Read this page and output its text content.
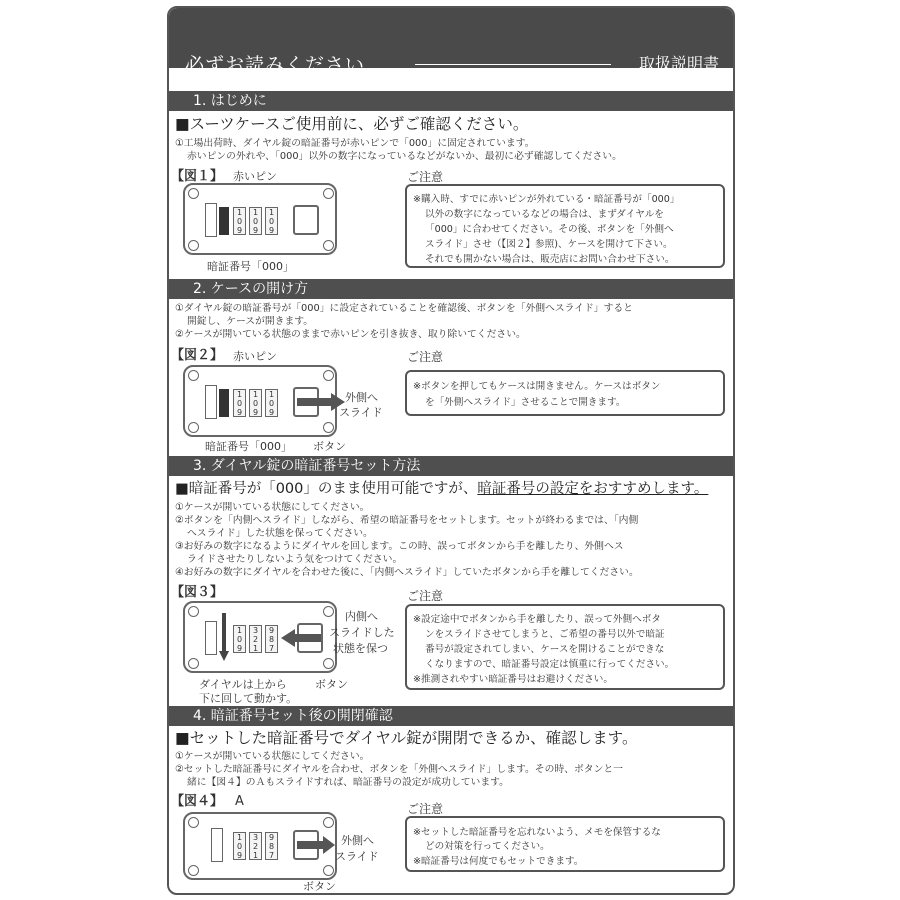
必ずお読みください	取扱説明書
1. はじめに
■スーツケースご使用前に、必ずご確認ください。
①工場出荷時、ダイヤル錠の暗証番号が赤いピンで「000」に固定されています。
赤いピンの外れや、「000」以外の数字になっているなどがないか、最初に必ず確認してください。
【図１】 赤いピン
1
0
9
1
0
9
1
0
9
暗証番号「000」
ご注意
※購入時、すでに赤いピンが外れている・暗証番号が「000」
以外の数字になっているなどの場合は、まずダイヤルを
「000」に合わせてください。その後、ボタンを「外側へ
スライド」させ（【図２】参照)、ケースを開けて下さい。
それでも開かない場合は、販売店にお問い合わせ下さい。
2. ケースの開け方
①ダイヤル錠の暗証番号が「000」に設定されていることを確認後、ボタンを「外側へスライド」すると
開錠し、ケースが開きます。
②ケースが開いている状態のままで赤いピンを引き抜き、取り除いてください。
【図２】 赤いピン
1
0
9
1
0
9
1
0
9
外側へ
スライド
暗証番号「000」 ボタン
ご注意
※ボタンを押してもケースは開きません。ケースはボタン
を「外側へスライド」させることで開きます。
3. ダイヤル錠の暗証番号セット方法
■暗証番号が「000」のまま使用可能ですが、暗証番号の設定をおすすめします。
①ケースが開いている状態にしてください。
②ボタンを「内側へスライド」しながら、希望の暗証番号をセットします。セットが終わるまでは、「内側
へスライド」した状態を保ってください。
③お好みの数字になるようにダイヤルを回します。この時、誤ってボタンから手を離したり、外側へス
ライドさせたりしないよう気をつけてください。
④お好みの数字にダイヤルを合わせた後に、「内側へスライド」していたボタンから手を離してください。
【図３】
1
0
9
3
2
1
9
8
7
内側へ
スライドした
状態を保つ
ダイヤルは上から
下に回して動かす。
ボタン
ご注意
※設定途中でボタンから手を離したり、誤って外側へボタ
ンをスライドさせてしまうと、ご希望の番号以外で暗証
番号が設定されてしまい、ケースを開けることができな
くなりますので、暗証番号設定は慎重に行ってください。
※推測されやすい暗証番号はお避けください。
4. 暗証番号セット後の開閉確認
■セットした暗証番号でダイヤル錠が開閉できるか、確認します。
①ケースが開いている状態にしてください。
②セットした暗証番号にダイヤルを合わせ、ボタンを「外側へスライド」します。その時、ボタンと一
緒に【図４】のＡもスライドすれば、暗証番号の設定が成功しています。
【図４】 A
1
0
9
3
2
1
9
8
7
外側へ
スライド
ボタン
ご注意
※セットした暗証番号を忘れないよう、メモを保管するな
どの対策を行ってください。
※暗証番号は何度でもセットできます。
